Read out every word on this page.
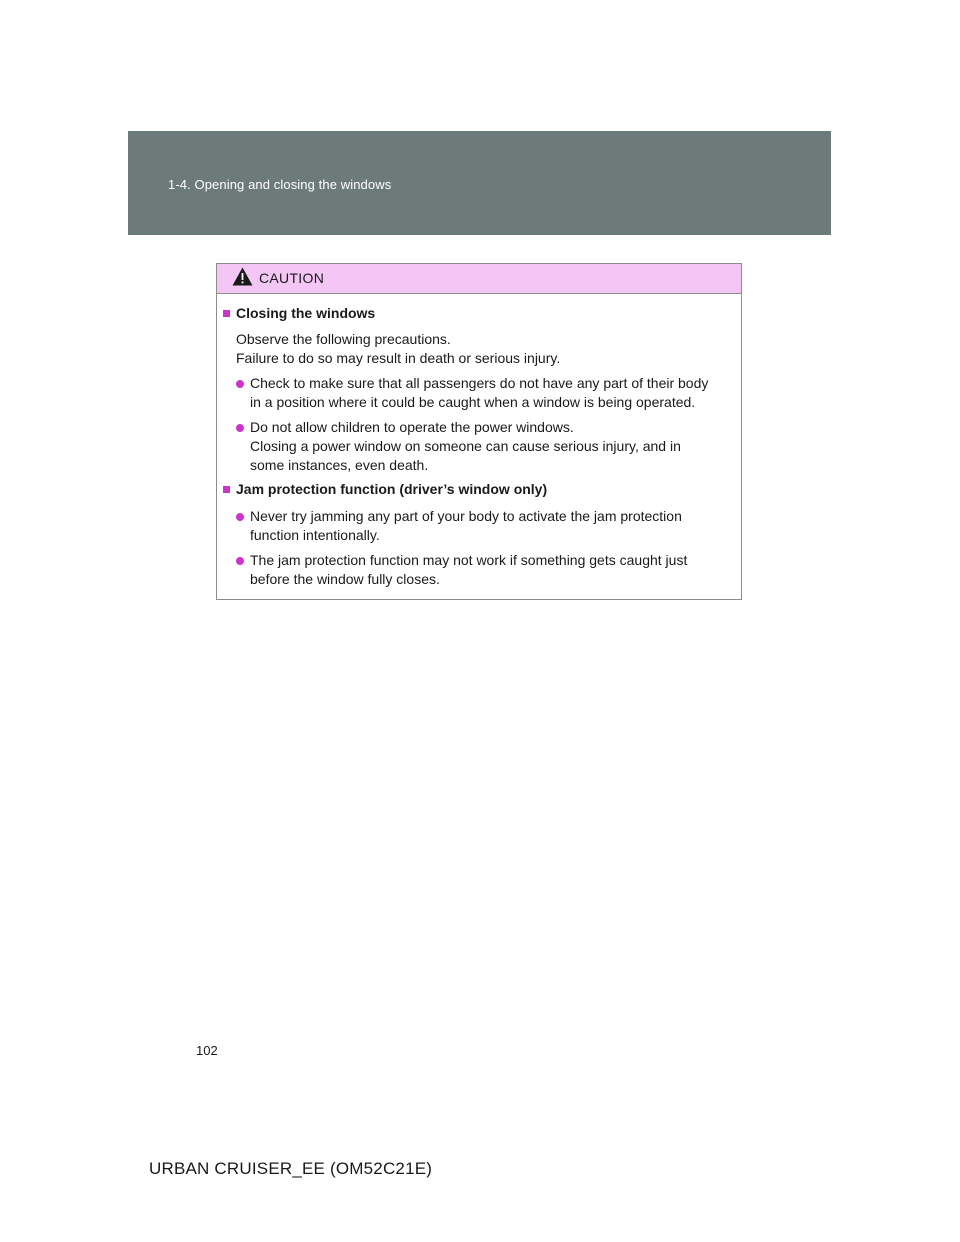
1-4. Opening and closing the windows
CAUTION
Closing the windows
Observe the following precautions.
Failure to do so may result in death or serious injury.
Check to make sure that all passengers do not have any part of their body
in a position where it could be caught when a window is being operated.
Do not allow children to operate the power windows.
Closing a power window on someone can cause serious injury, and in
some instances, even death.
Jam protection function (driver’s window only)
Never try jamming any part of your body to activate the jam protection
function intentionally.
The jam protection function may not work if something gets caught just
before the window fully closes.
102
URBAN CRUISER_EE (OM52C21E)
